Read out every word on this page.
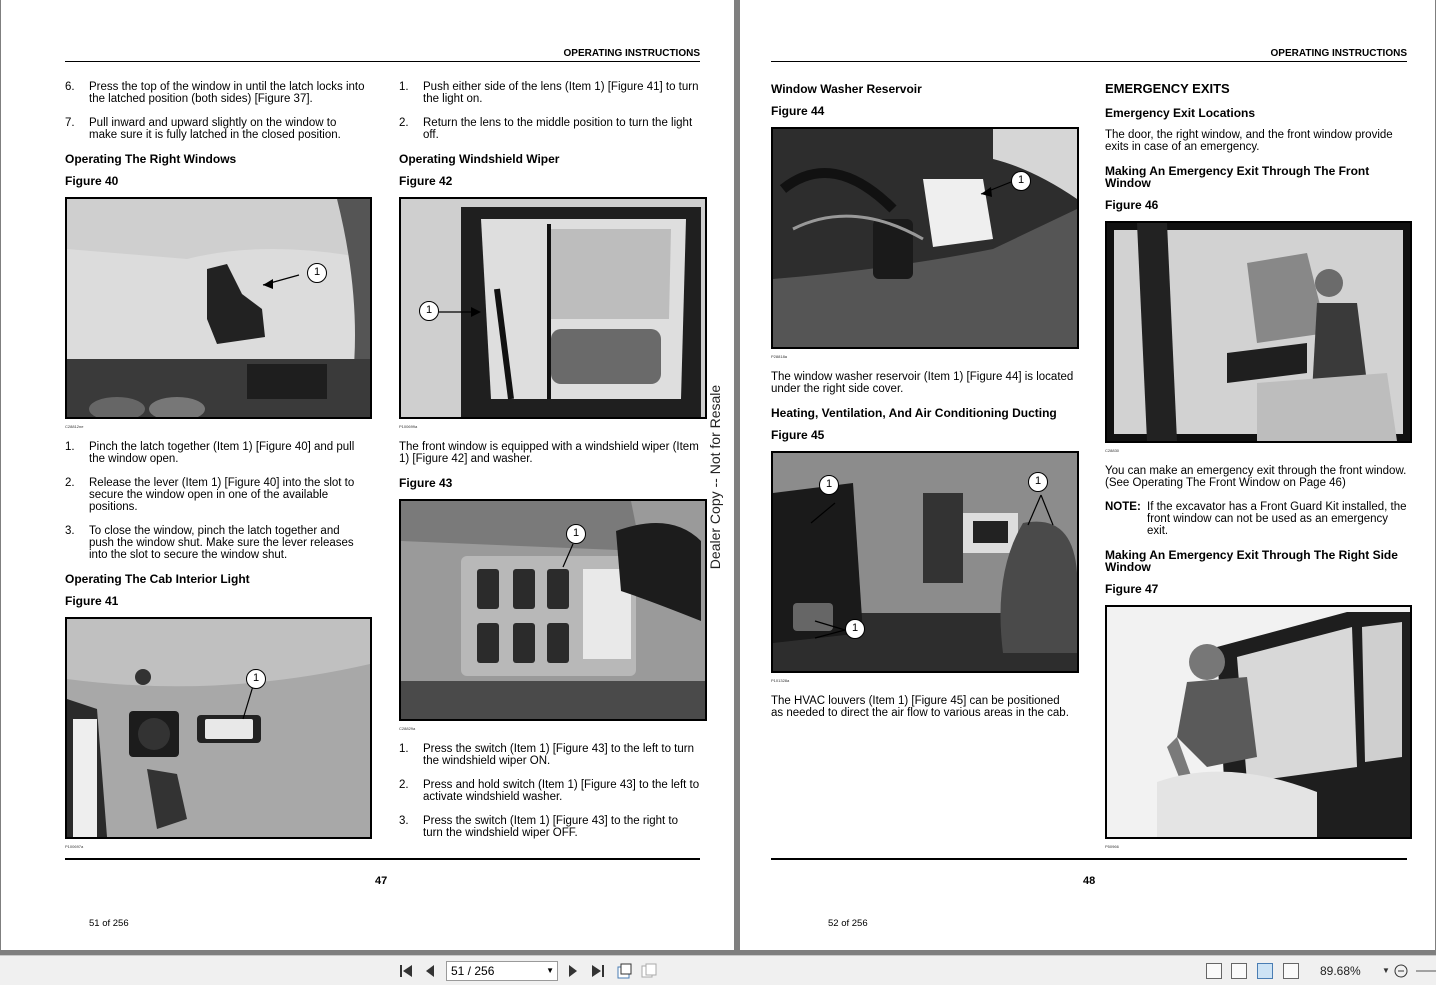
OPERATING INSTRUCTIONS
6. Press the top of the window in until the latch locks into the latched position (both sides) [Figure 37].
7. Pull inward and upward slightly on the window to make sure it is fully latched in the closed position.
Operating The Right Windows
Figure 40
1
C28812ne
1. Pinch the latch together (Item 1) [Figure 40] and pull the window open.
2. Release the lever (Item 1) [Figure 40] into the slot to secure the window open in one of the available positions.
3. To close the window, pinch the latch together and push the window shut. Make sure the lever releases into the slot to secure the window shut.
Operating The Cab Interior Light
Figure 41
1
P100697a
1. Push either side of the lens (Item 1) [Figure 41] to turn the light on.
2. Return the lens to the middle position to turn the light off.
Operating Windshield Wiper
Figure 42
1
P100699a
The front window is equipped with a windshield wiper (Item 1) [Figure 42] and washer.
Figure 43
1
C28829a
1. Press the switch (Item 1) [Figure 43] to the left to turn the windshield wiper ON.
2. Press and hold switch (Item 1) [Figure 43] to the left to activate windshield washer.
3. Press the switch (Item 1) [Figure 43] to the right to turn the windshield wiper OFF.
47
51 of 256
Dealer Copy -- Not for Resale
OPERATING INSTRUCTIONS
Window Washer Reservoir
Figure 44
1
P28818a
The window washer reservoir (Item 1) [Figure 44] is located under the right side cover.
Heating, Ventilation, And Air Conditioning Ducting
Figure 45
1	1
1
P101328a
The HVAC louvers (Item 1) [Figure 45] can be positioned as needed to direct the air flow to various areas in the cab.
EMERGENCY EXITS
Emergency Exit Locations
The door, the right window, and the front window provide exits in case of an emergency.
Making An Emergency Exit Through The Front Window
Figure 46
C28830
You can make an emergency exit through the front window. (See Operating The Front Window on Page 46)
NOTE: If the excavator has a Front Guard Kit installed, the front window can not be used as an emergency exit.
Making An Emergency Exit Through The Right Side Window
Figure 47
P50966
48
52 of 256
51 / 256	▼	89.68%	▼
